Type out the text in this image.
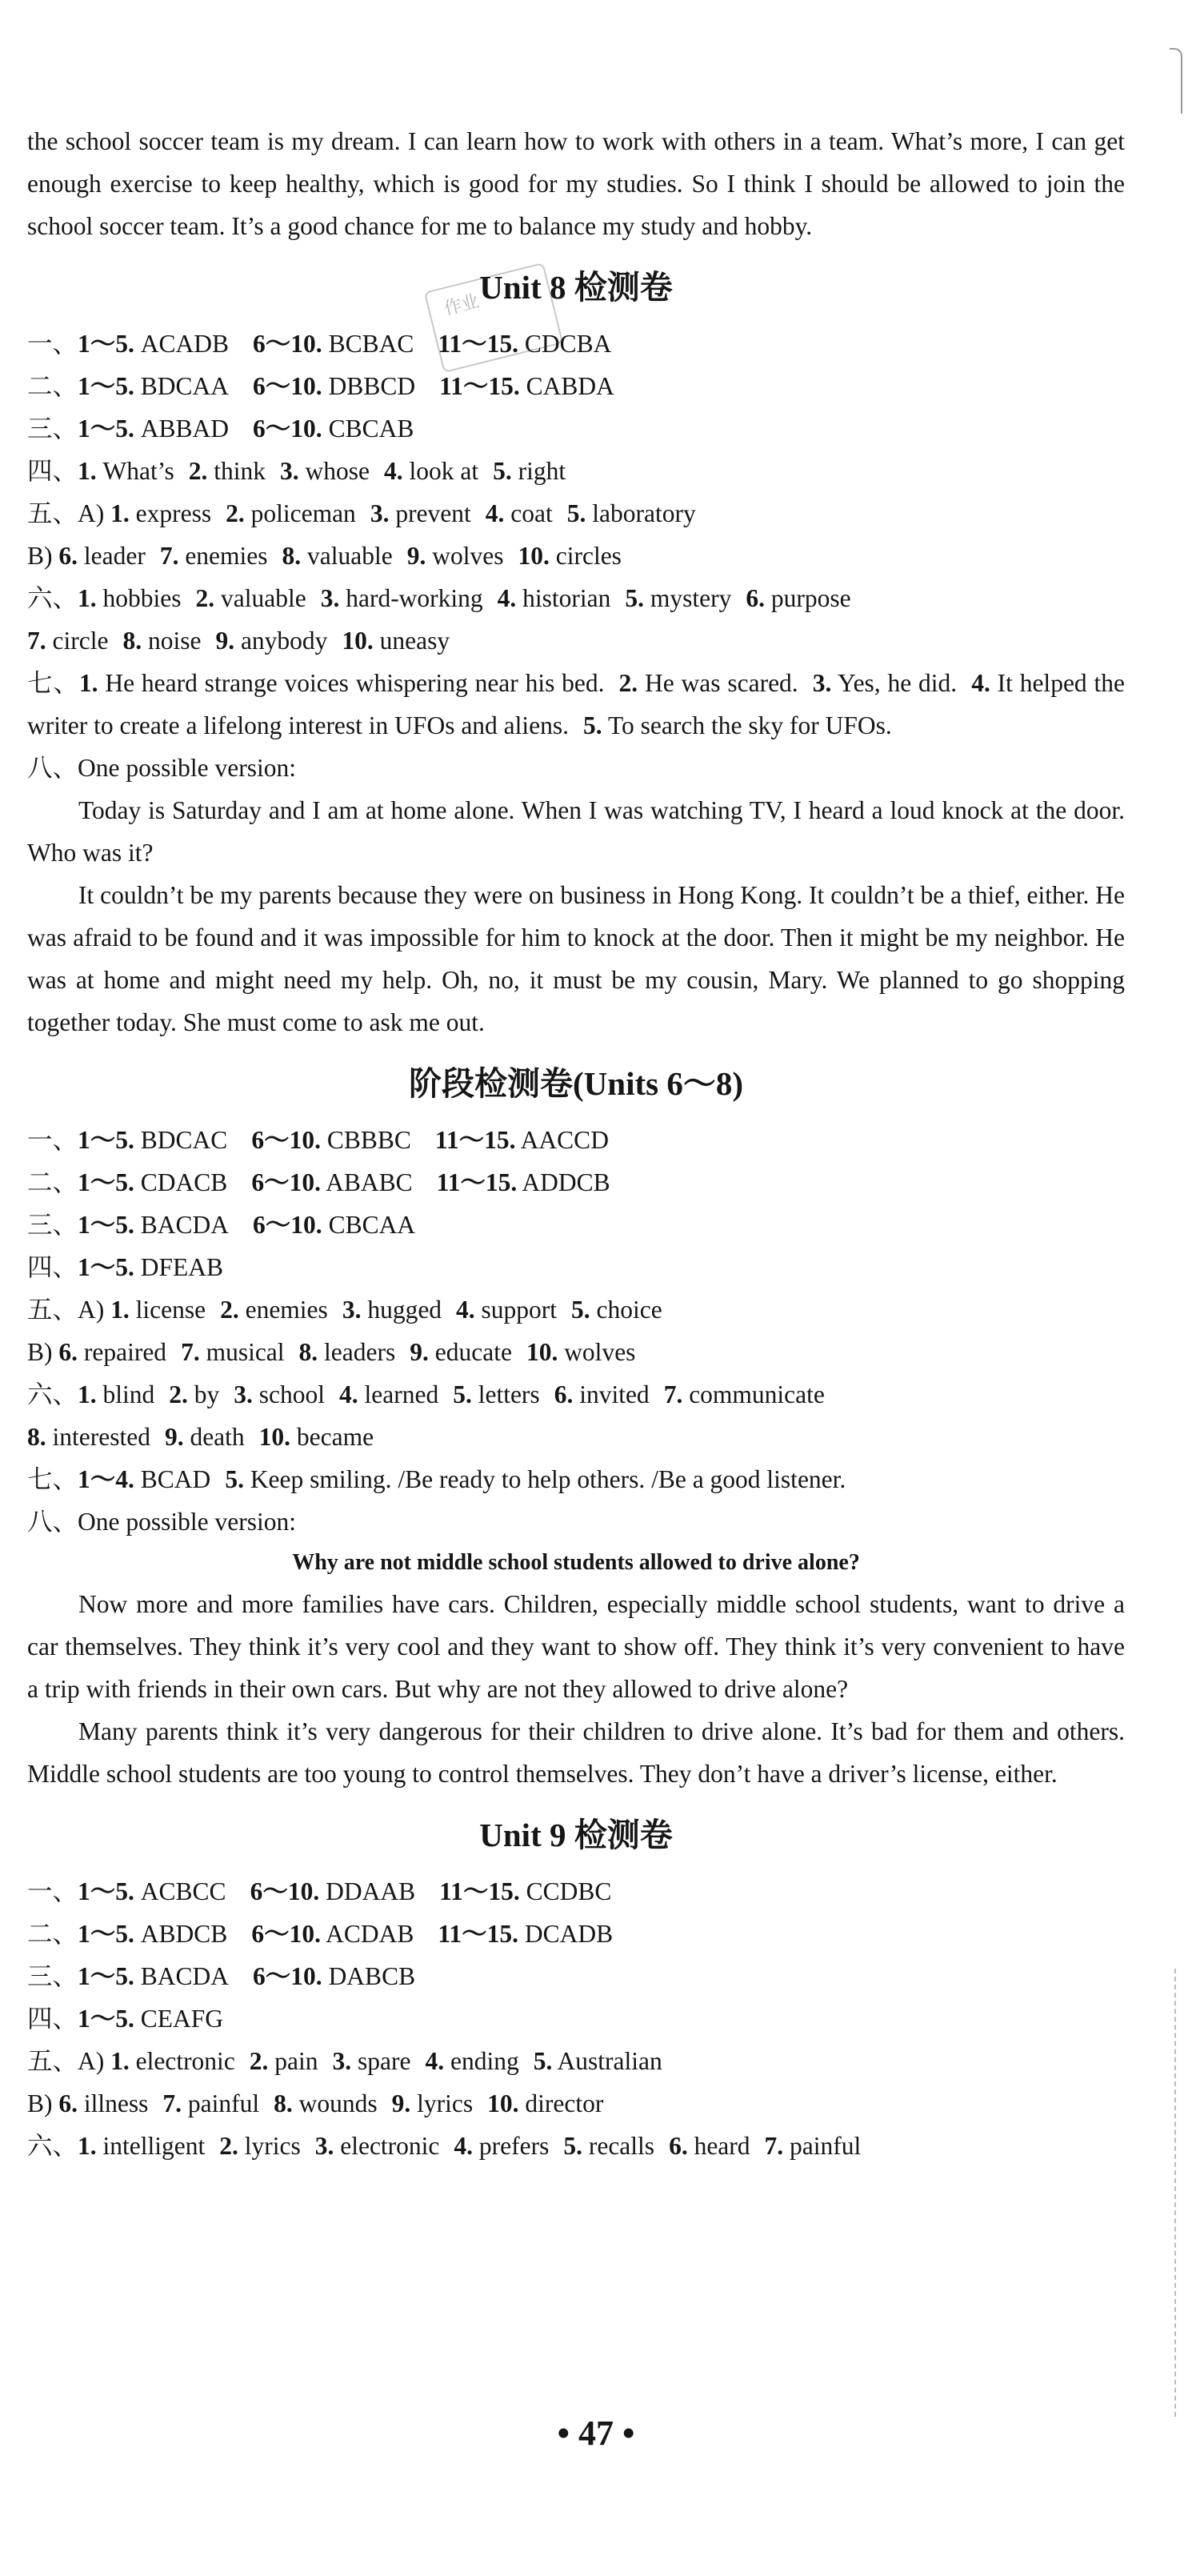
作业

the school soccer team is my dream. I can learn how to work with others in a team. What’s more, I can get enough exercise to keep healthy, which is good for my studies. So I think I should be allowed to join the school soccer team. It’s a good chance for me to balance my study and hobby.

Unit 8 检测卷
一、1～5. ACADB 6～10. BCBAC 11～15. CDCBA
二、1～5. BDCAA 6～10. DBBCD 11～15. CABDA
三、1～5. ABBAD 6～10. CBCAB
四、1. What’s 2. think 3. whose 4. look at 5. right
五、A) 1. express 2. policeman 3. prevent 4. coat 5. laboratory
B) 6. leader 7. enemies 8. valuable 9. wolves 10. circles
六、1. hobbies 2. valuable 3. hard-working 4. historian 5. mystery 6. purpose
7. circle 8. noise 9. anybody 10. uneasy

七、1. He heard strange voices whispering near his bed. 2. He was scared. 3. Yes, he did. 4. It helped the writer to create a lifelong interest in UFOs and aliens. 5. To search the sky for UFOs.

八、One possible version:

Today is Saturday and I am at home alone. When I was watching TV, I heard a loud knock at the door. Who was it?

It couldn’t be my parents because they were on business in Hong Kong. It couldn’t be a thief, either. He was afraid to be found and it was impossible for him to knock at the door. Then it might be my neighbor. He was at home and might need my help. Oh, no, it must be my cousin, Mary. We planned to go shopping together today. She must come to ask me out.

阶段检测卷(Units 6～8)
一、1～5. BDCAC 6～10. CBBBC 11～15. AACCD
二、1～5. CDACB 6～10. ABABC 11～15. ADDCB
三、1～5. BACDA 6～10. CBCAA
四、1～5. DFEAB
五、A) 1. license 2. enemies 3. hugged 4. support 5. choice
B) 6. repaired 7. musical 8. leaders 9. educate 10. wolves
六、1. blind 2. by 3. school 4. learned 5. letters 6. invited 7. communicate
8. interested 9. death 10. became
七、1～4. BCAD 5. Keep smiling. /Be ready to help others. /Be a good listener.
八、One possible version:
Why are not middle school students allowed to drive alone?

Now more and more families have cars. Children, especially middle school students, want to drive a car themselves. They think it’s very cool and they want to show off. They think it’s very convenient to have a trip with friends in their own cars. But why are not they allowed to drive alone?

Many parents think it’s very dangerous for their children to drive alone. It’s bad for them and others. Middle school students are too young to control themselves. They don’t have a driver’s license, either.

Unit 9 检测卷
一、1～5. ACBCC 6～10. DDAAB 11～15. CCDBC
二、1～5. ABDCB 6～10. ACDAB 11～15. DCADB
三、1～5. BACDA 6～10. DABCB
四、1～5. CEAFG
五、A) 1. electronic 2. pain 3. spare 4. ending 5. Australian
B) 6. illness 7. painful 8. wounds 9. lyrics 10. director
六、1. intelligent 2. lyrics 3. electronic 4. prefers 5. recalls 6. heard 7. painful
• 47 •
